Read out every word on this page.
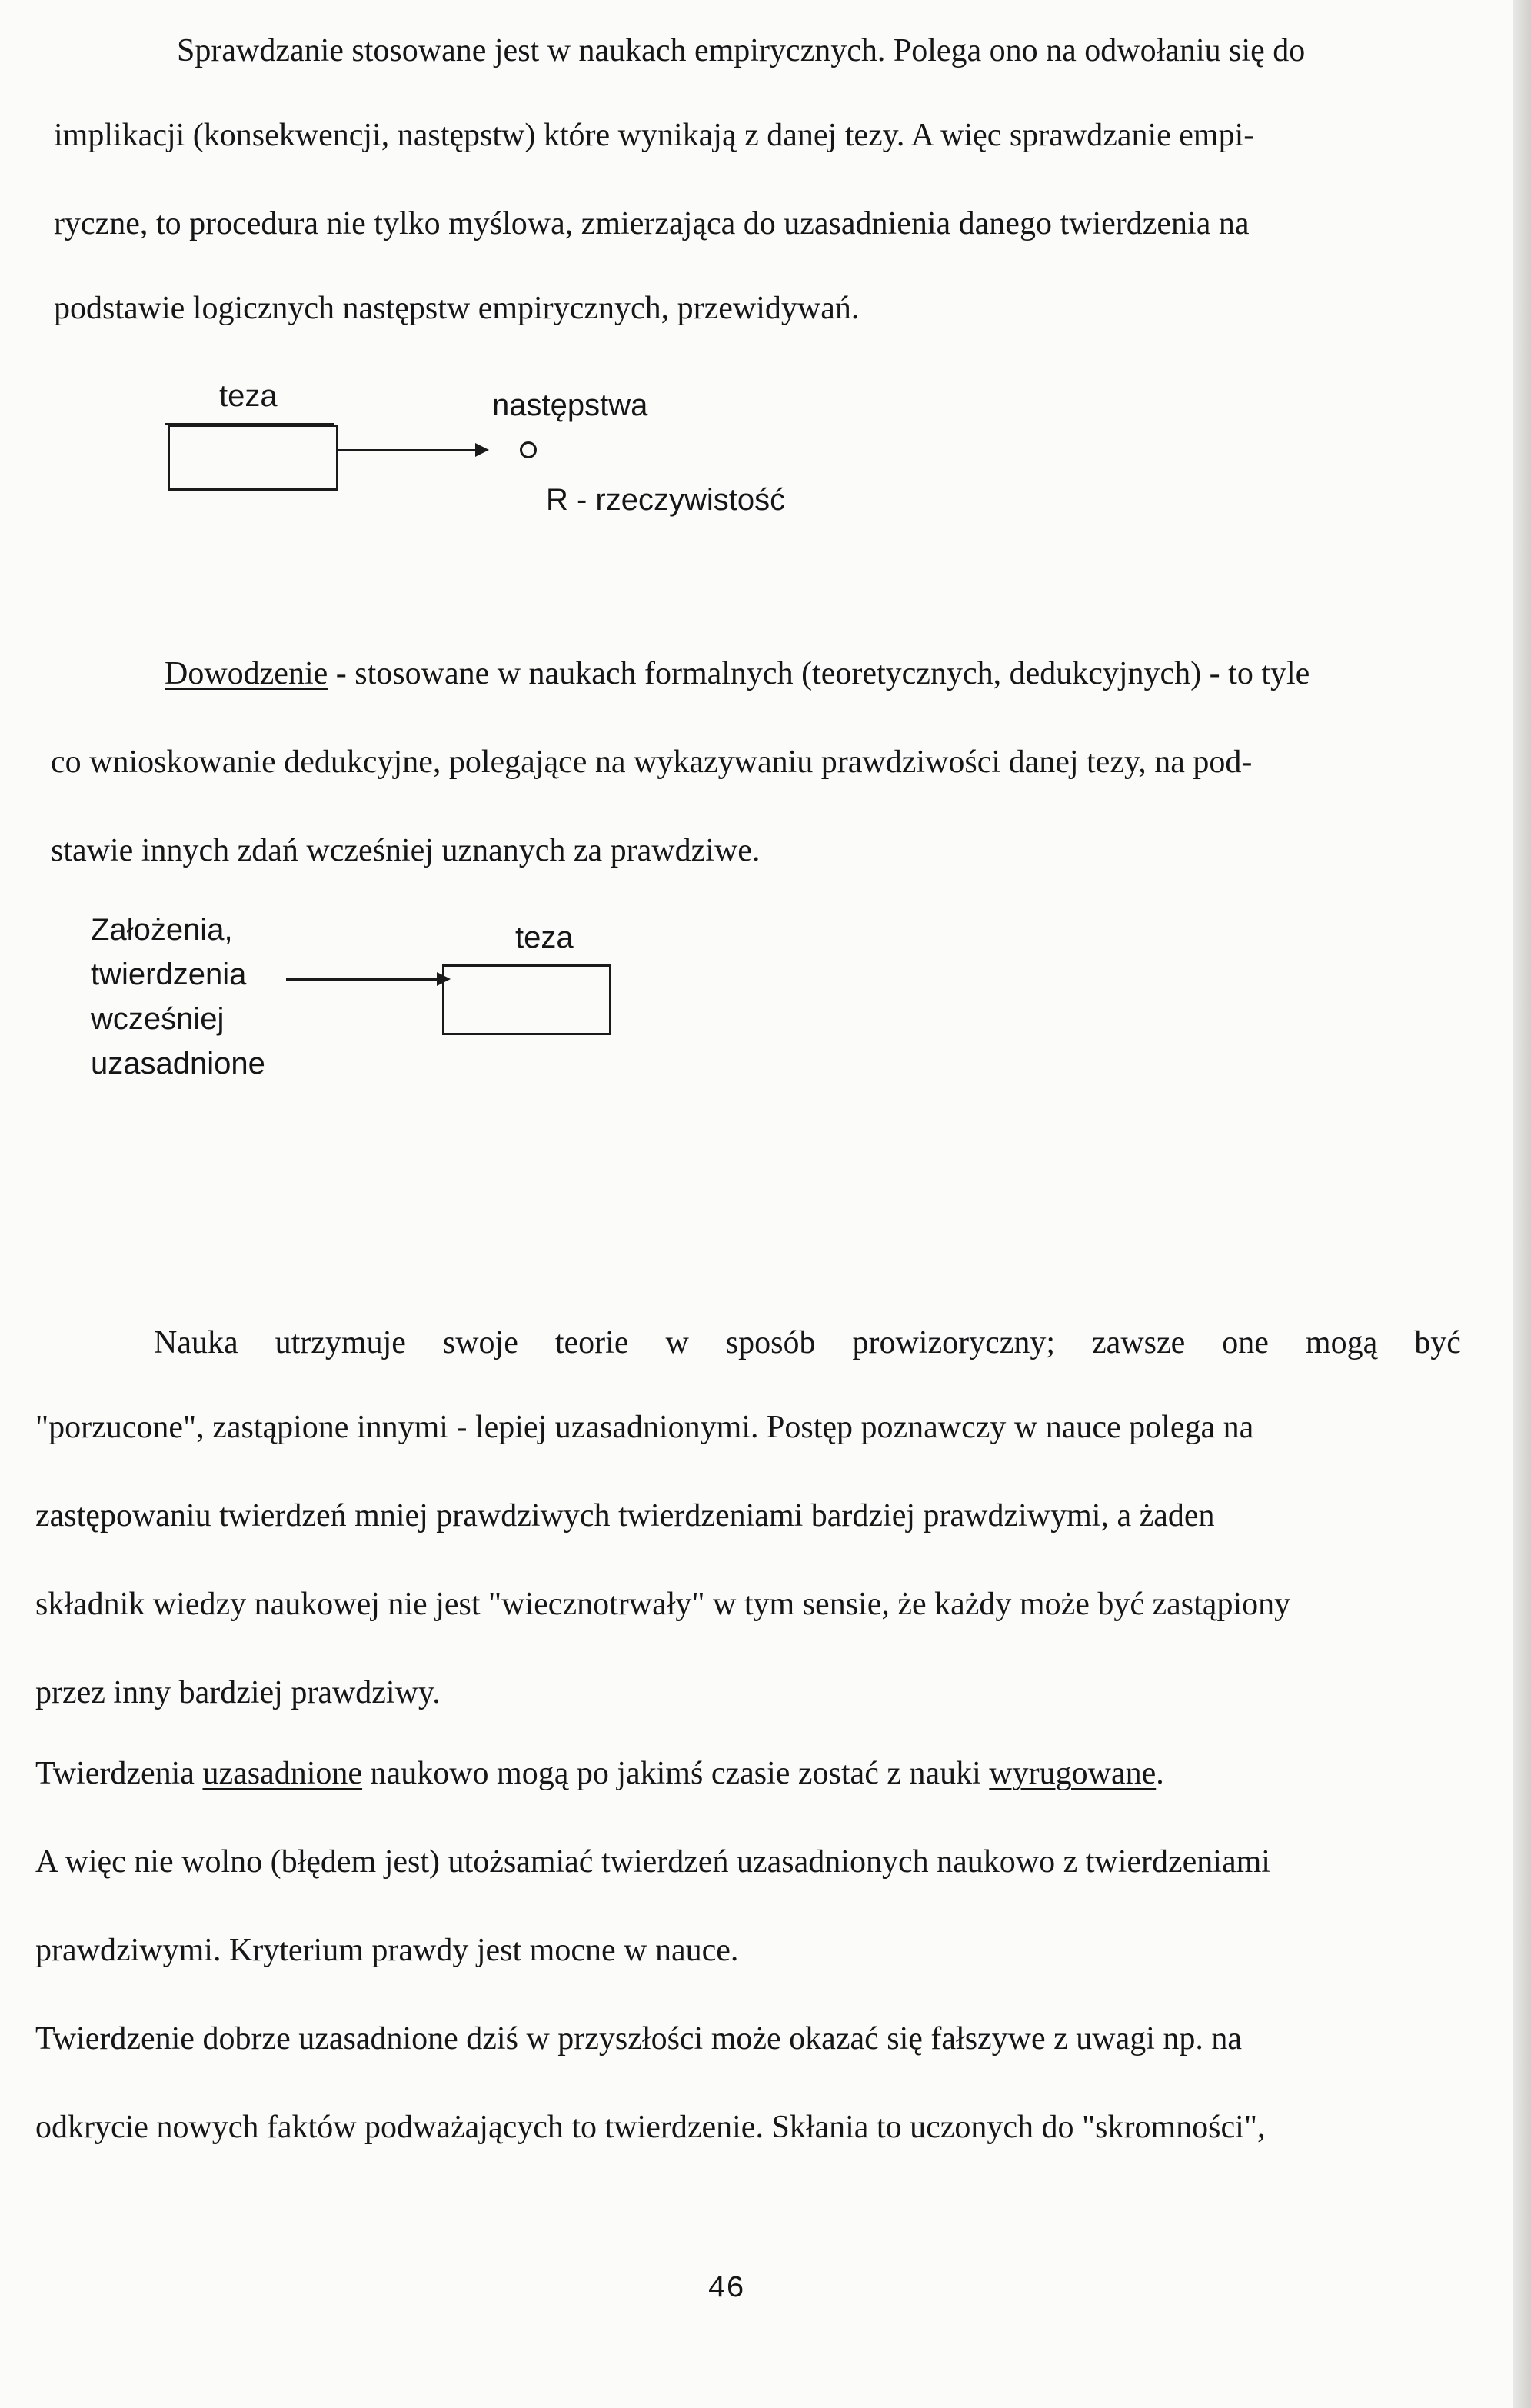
Sprawdzanie stosowane jest w naukach empirycznych. Polega ono na odwołaniu się do
implikacji (konsekwencji, następstw) które wynikają z danej tezy. A więc sprawdzanie empi-
ryczne, to procedura nie tylko myślowa, zmierzająca do uzasadnienia danego twierdzenia na
podstawie logicznych następstw empirycznych, przewidywań.
teza	następstwa
R - rzeczywistość
Dowodzenie - stosowane w naukach formalnych (teoretycznych, dedukcyjnych) - to tyle
co wnioskowanie dedukcyjne, polegające na wykazywaniu prawdziwości danej tezy, na pod-
stawie innych zdań wcześniej uznanych za prawdziwe.
Założenia,
twierdzenia
wcześniej
uzasadnione
teza
Nauka utrzymuje swoje teorie w sposób prowizoryczny; zawsze one mogą być
"porzucone", zastąpione innymi - lepiej uzasadnionymi. Postęp poznawczy w nauce polega na
zastępowaniu twierdzeń mniej prawdziwych twierdzeniami bardziej prawdziwymi, a żaden
składnik wiedzy naukowej nie jest "wiecznotrwały" w tym sensie, że każdy może być zastąpiony
przez inny bardziej prawdziwy.
Twierdzenia uzasadnione naukowo mogą po jakimś czasie zostać z nauki wyrugowane.
A więc nie wolno (błędem jest) utożsamiać twierdzeń uzasadnionych naukowo z twierdzeniami
prawdziwymi. Kryterium prawdy jest mocne w nauce.
Twierdzenie dobrze uzasadnione dziś w przyszłości może okazać się fałszywe z uwagi np. na
odkrycie nowych faktów podważających to twierdzenie. Skłania to uczonych do "skromności",
46
